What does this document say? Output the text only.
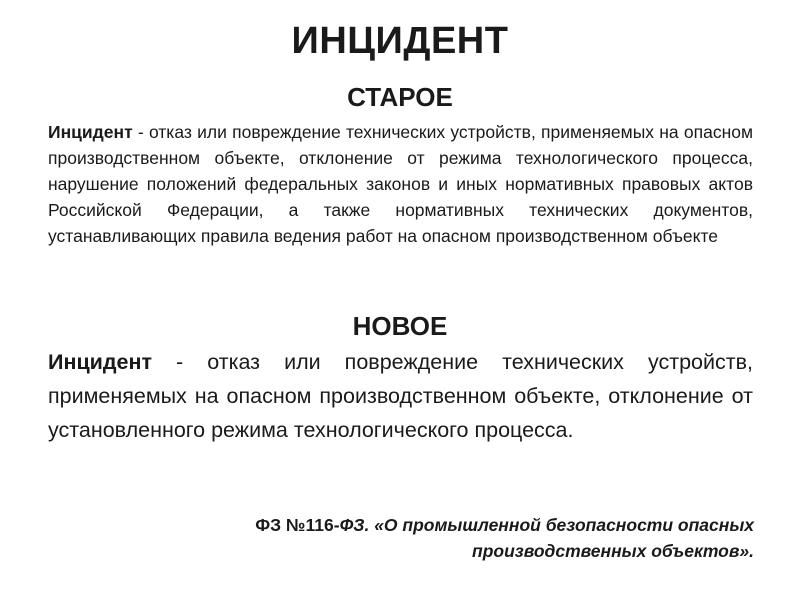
ИНЦИДЕНТ
СТАРОЕ

Инцидент - отказ или повреждение технических устройств, применяемых на опасном производственном объекте, отклонение от режима технологического процесса, нарушение положений федеральных законов и иных нормативных правовых актов Российской Федерации, а также нормативных технических документов, устанавливающих правила ведения работ на опасном производственном объекте

НОВОЕ

Инцидент - отказ или повреждение технических устройств, применяемых на опасном производственном объекте, отклонение от установленного режима технологического процесса.

ФЗ №116-ФЗ. «О промышленной безопасности опасных производственных объектов».
